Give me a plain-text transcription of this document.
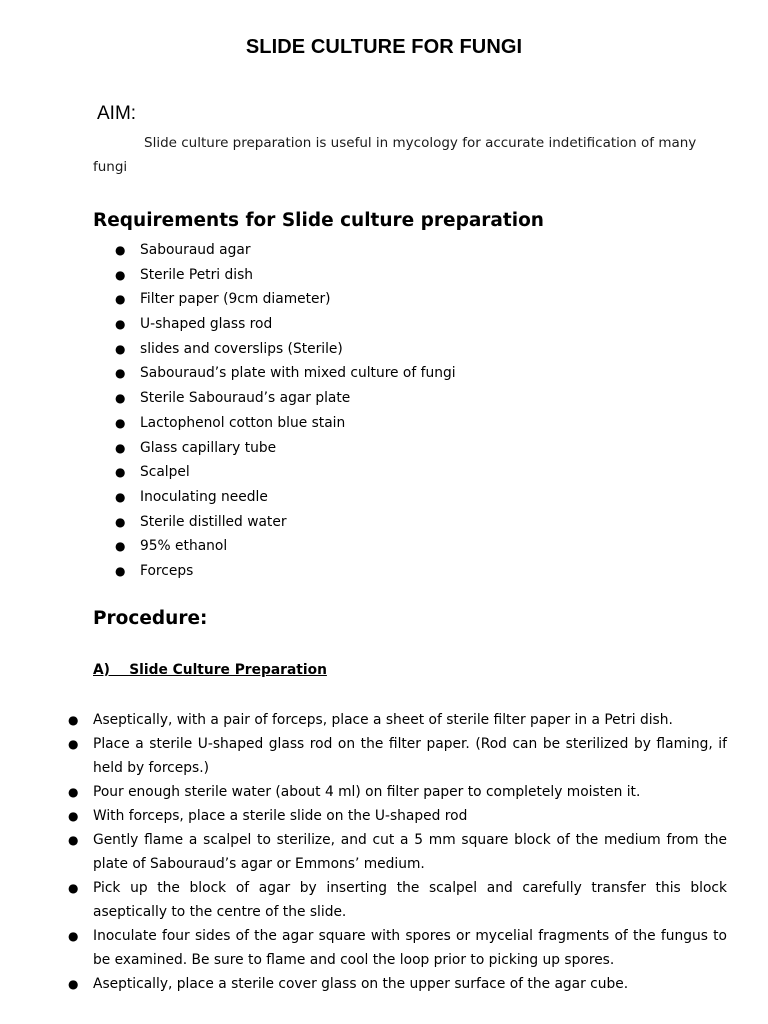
SLIDE CULTURE FOR FUNGI
AIM:
Slide culture preparation is useful in mycology for accurate indetification of many fungi
Requirements for Slide culture preparation
● Sabouraud agar
● Sterile Petri dish
● Filter paper (9cm diameter)
● U-shaped glass rod
● slides and coverslips (Sterile)
● Sabouraud’s plate with mixed culture of fungi
● Sterile Sabouraud’s agar plate
● Lactophenol cotton blue stain
● Glass capillary tube
● Scalpel
● Inoculating needle
● Sterile distilled water
● 95% ethanol
● Forceps
Procedure:
A)    Slide Culture Preparation
● Aseptically, with a pair of forceps, place a sheet of sterile filter paper in a Petri dish.
● Place a sterile U-shaped glass rod on the filter paper. (Rod can be sterilized by flaming, if held by forceps.)
● Pour enough sterile water (about 4 ml) on filter paper to completely moisten it.
● With forceps, place a sterile slide on the U-shaped rod
● Gently flame a scalpel to sterilize, and cut a 5 mm square block of the medium from the plate of Sabouraud’s agar or Emmons’ medium.
● Pick up the block of agar by inserting the scalpel and carefully transfer this block aseptically to the centre of the slide.
● Inoculate four sides of the agar square with spores or mycelial fragments of the fungus to be examined. Be sure to flame and cool the loop prior to picking up spores.
● Aseptically, place a sterile cover glass on the upper surface of the agar cube.
